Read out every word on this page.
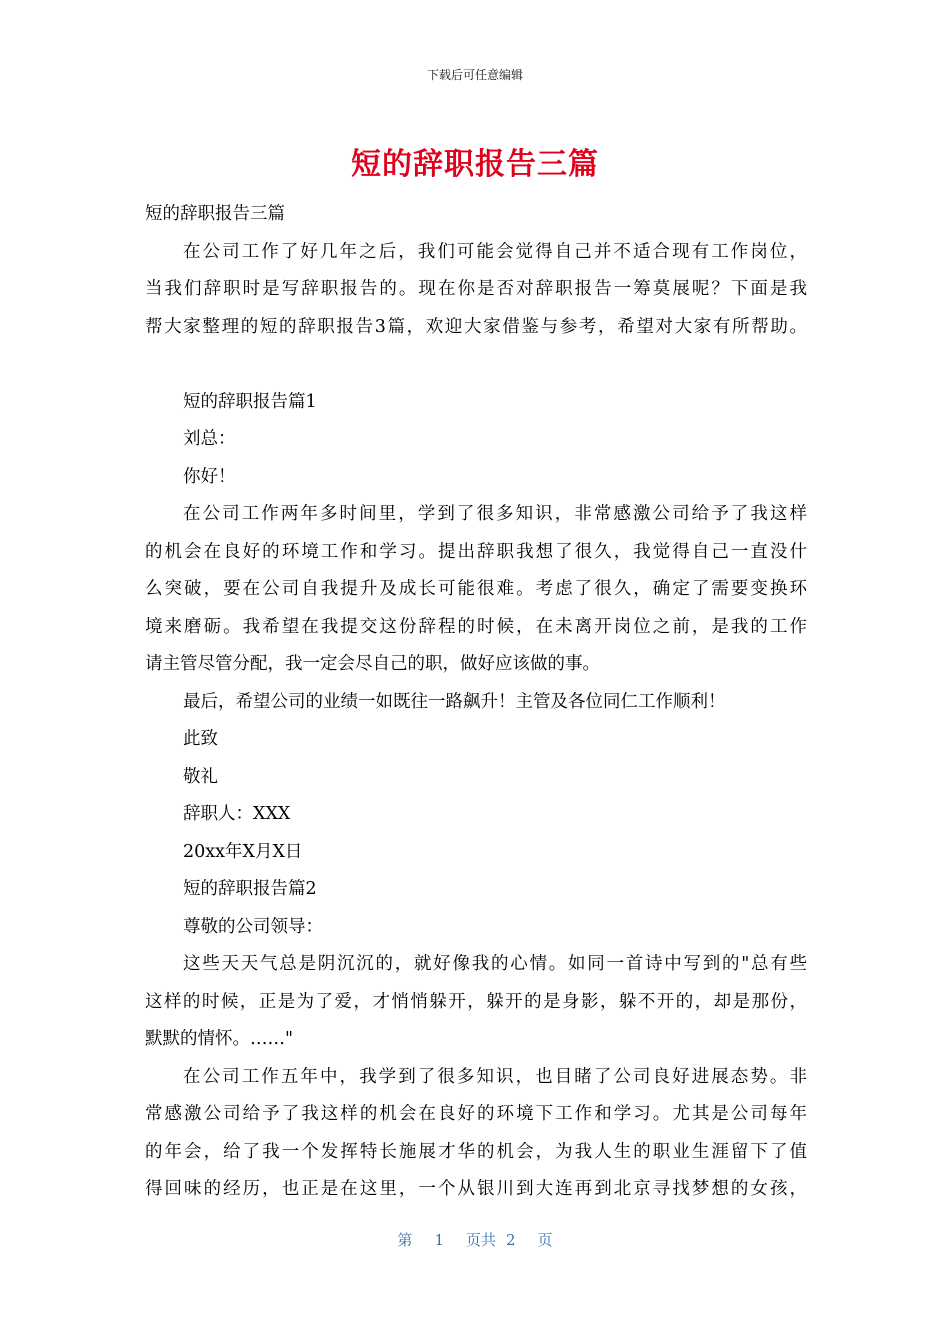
下载后可任意编辑
短的辞职报告三篇
短的辞职报告三篇
在公司工作了好几年之后，我们可能会觉得自己并不适合现有工作岗位，
当我们辞职时是写辞职报告的。现在你是否对辞职报告一筹莫展呢？下面是我
帮大家整理的短的辞职报告3篇，欢迎大家借鉴与参考，希望对大家有所帮助。
短的辞职报告篇1
刘总：
你好！
在公司工作两年多时间里，学到了很多知识，非常感激公司给予了我这样
的机会在良好的环境工作和学习。提出辞职我想了很久，我觉得自己一直没什
么突破，要在公司自我提升及成长可能很难。考虑了很久，确定了需要变换环
境来磨砺。我希望在我提交这份辞程的时候，在未离开岗位之前，是我的工作
请主管尽管分配，我一定会尽自己的职，做好应该做的事。
最后，希望公司的业绩一如既往一路飙升！主管及各位同仁工作顺利！
此致
敬礼
辞职人：XXX
20xx年X月X日
短的辞职报告篇2
尊敬的公司领导：
这些天天气总是阴沉沉的，就好像我的心情。如同一首诗中写到的"总有些
这样的时候，正是为了爱，才悄悄躲开，躲开的是身影，躲不开的，却是那份，
默默的情怀。……"
在公司工作五年中，我学到了很多知识，也目睹了公司良好进展态势。非
常感激公司给予了我这样的机会在良好的环境下工作和学习。尤其是公司每年
的年会，给了我一个发挥特长施展才华的机会，为我人生的职业生涯留下了值
得回味的经历，也正是在这里，一个从银川到大连再到北京寻找梦想的女孩，
第 1 页共 2 页
